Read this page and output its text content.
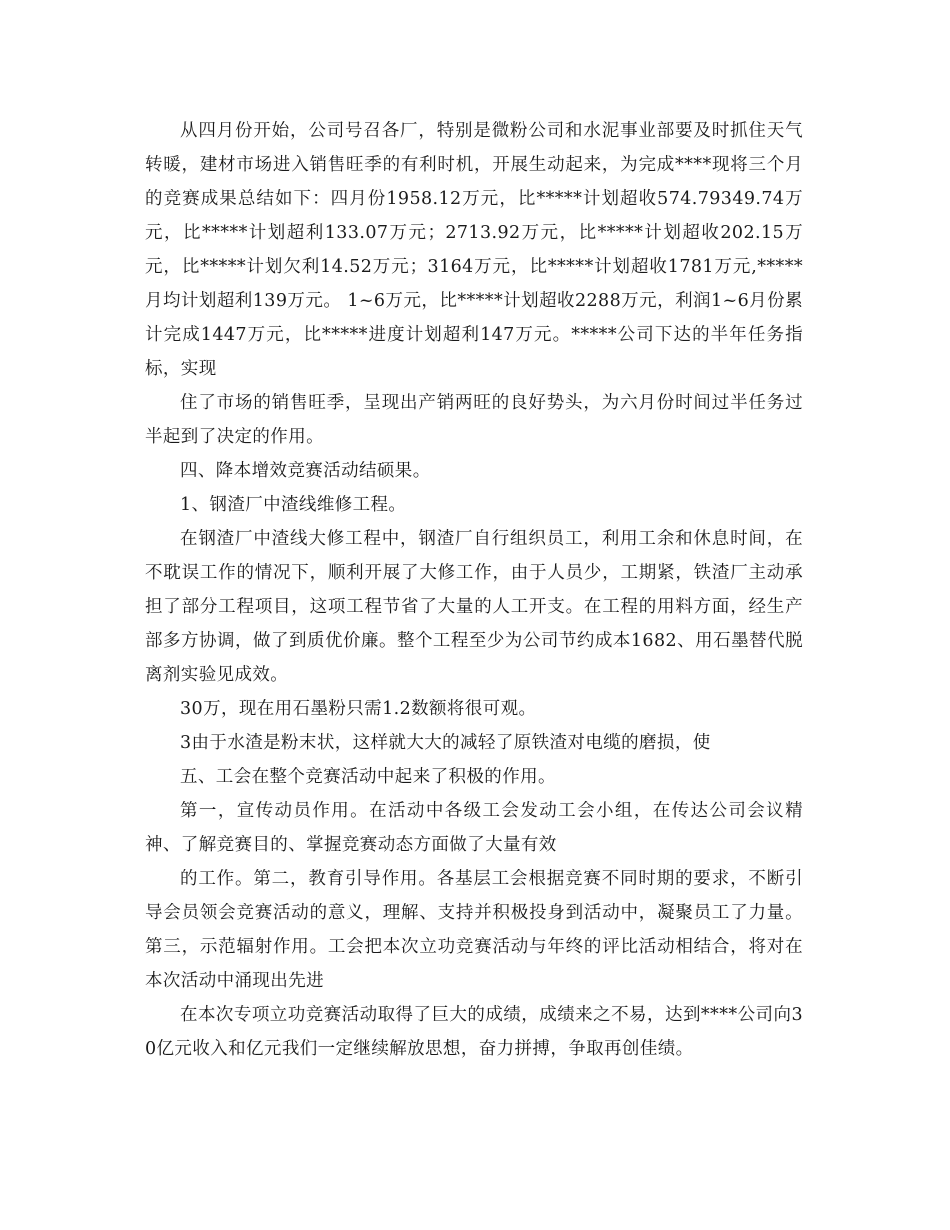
从四月份开始，公司号召各厂，特别是微粉公司和水泥事业部要及时抓住天气转暖，建材市场进入销售旺季的有利时机，开展生动起来，为完成****现将三个月的竞赛成果总结如下：四月份1958.12万元，比*****计划超收574.79349.74万元，比*****计划超利133.07万元；2713.92万元，比*****计划超收202.15万元，比*****计划欠利14.52万元；3164万元，比*****计划超收1781万元,*****月均计划超利139万元。 1~6万元，比*****计划超收2288万元，利润1~6月份累计完成1447万元，比*****进度计划超利147万元。*****公司下达的半年任务指标，实现

住了市场的销售旺季，呈现出产销两旺的良好势头，为六月份时间过半任务过半起到了决定的作用。

四、降本增效竞赛活动结硕果。

1、钢渣厂中渣线维修工程。

在钢渣厂中渣线大修工程中，钢渣厂自行组织员工，利用工余和休息时间，在不耽误工作的情况下，顺利开展了大修工作，由于人员少，工期紧，铁渣厂主动承担了部分工程项目，这项工程节省了大量的人工开支。在工程的用料方面，经生产部多方协调，做了到质优价廉。整个工程至少为公司节约成本1682、用石墨替代脱离剂实验见成效。

30万，现在用石墨粉只需1.2数额将很可观。

3由于水渣是粉末状，这样就大大的减轻了原铁渣对电缆的磨损，使

五、工会在整个竞赛活动中起来了积极的作用。

第一，宣传动员作用。在活动中各级工会发动工会小组，在传达公司会议精神、了解竞赛目的、掌握竞赛动态方面做了大量有效

的工作。第二，教育引导作用。各基层工会根据竞赛不同时期的要求，不断引导会员领会竞赛活动的意义，理解、支持并积极投身到活动中，凝聚员工了力量。第三，示范辐射作用。工会把本次立功竞赛活动与年终的评比活动相结合，将对在本次活动中涌现出先进

在本次专项立功竞赛活动取得了巨大的成绩，成绩来之不易，达到****公司向30亿元收入和亿元我们一定继续解放思想，奋力拼搏，争取再创佳绩。
